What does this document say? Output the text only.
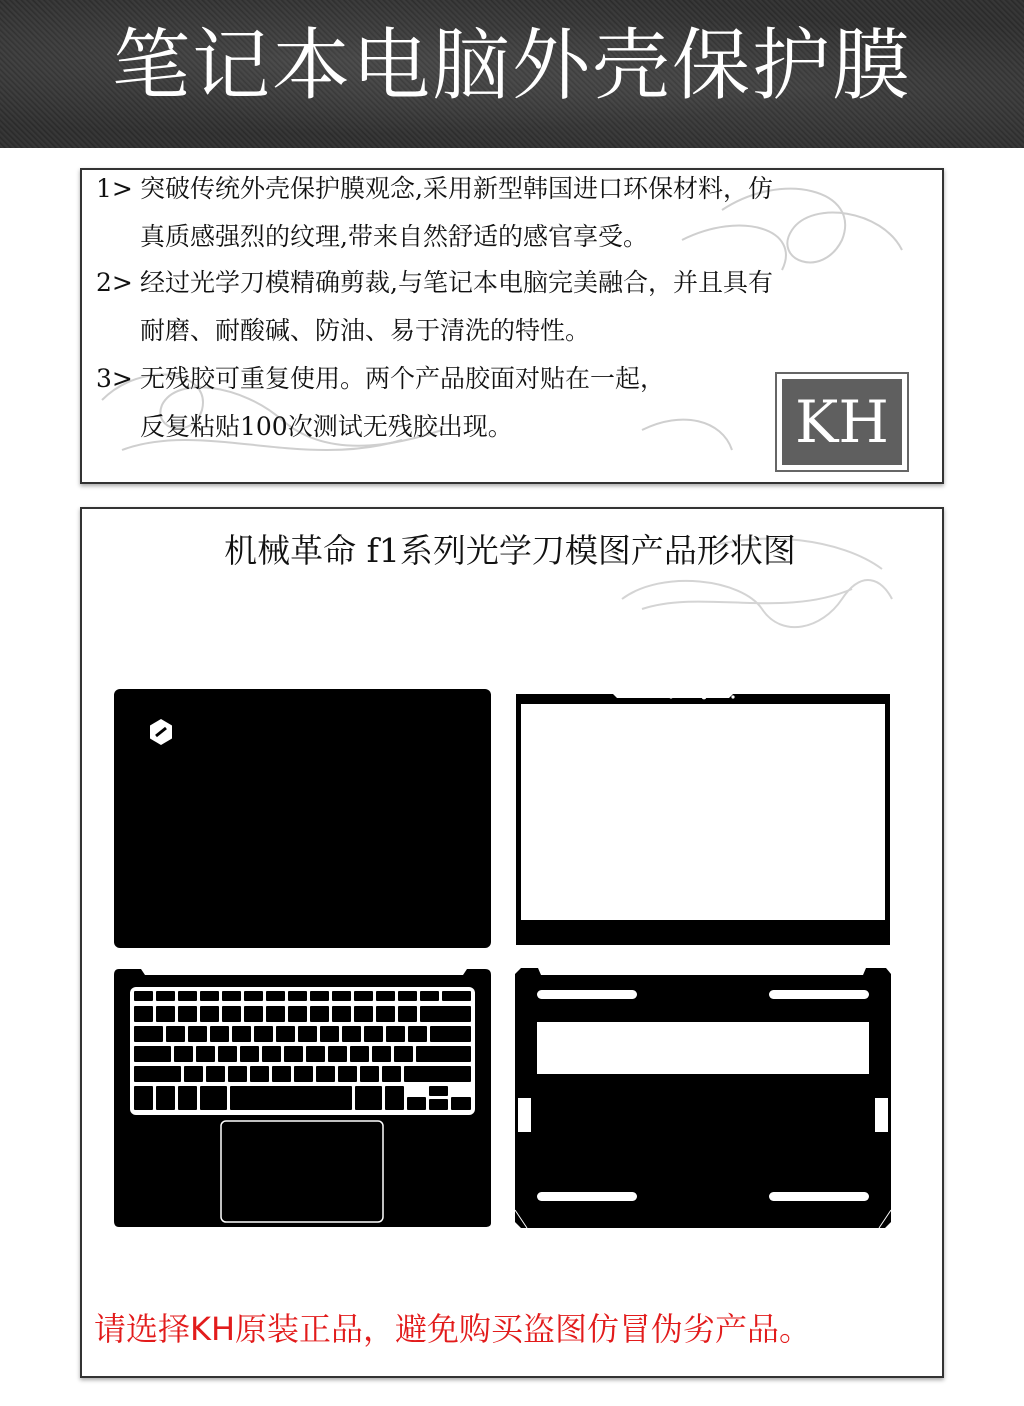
笔记本电脑外壳保护膜
1> 突破传统外壳保护膜观念,采用新型韩国进口环保材料，仿
真质感强烈的纹理,带来自然舒适的感官享受。
2> 经过光学刀模精确剪裁,与笔记本电脑完美融合，并且具有
耐磨、耐酸碱、防油、易于清洗的特性。
3> 无残胶可重复使用。两个产品胶面对贴在一起，
反复粘贴100次测试无残胶出现。	KH
机械革命 f1系列光学刀模图产品形状图
请选择KH原装正品，避免购买盗图仿冒伪劣产品。
